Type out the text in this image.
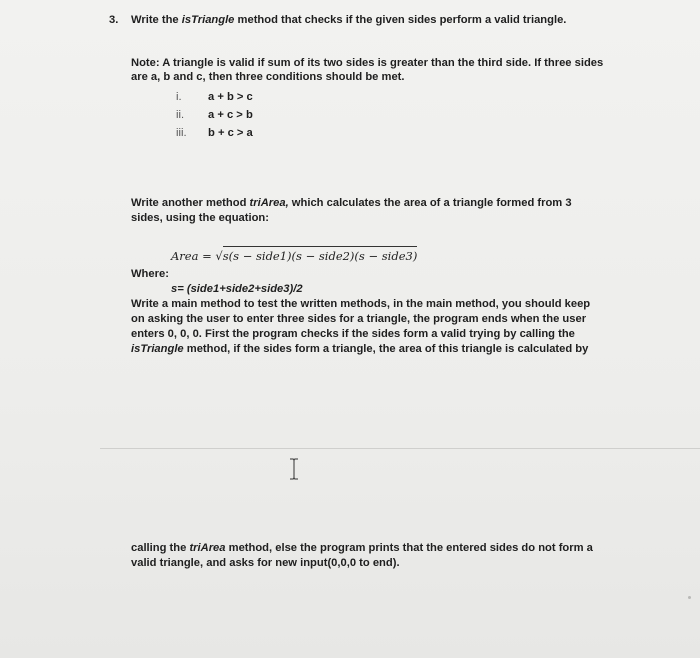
3. Write the isTriangle method that checks if the given sides perform a valid triangle.
Note: A triangle is valid if sum of its two sides is greater than the third side. If three sides
are a, b and c, then three conditions should be met.
i. a + b > c
ii. a + c > b
iii. b + c > a
Write another method triArea, which calculates the area of a triangle formed from 3
sides, using the equation:
Area = √
s(s − side1)(s − side2)(s − side3)
Where:
s= (side1+side2+side3)/2
Write a main method to test the written methods, in the main method, you should keep
on asking the user to enter three sides for a triangle, the program ends when the user
enters 0, 0, 0. First the program checks if the sides form a valid trying by calling the
isTriangle method, if the sides form a triangle, the area of this triangle is calculated by
calling the triArea method, else the program prints that the entered sides do not form a
valid triangle, and asks for new input(0,0,0 to end).
